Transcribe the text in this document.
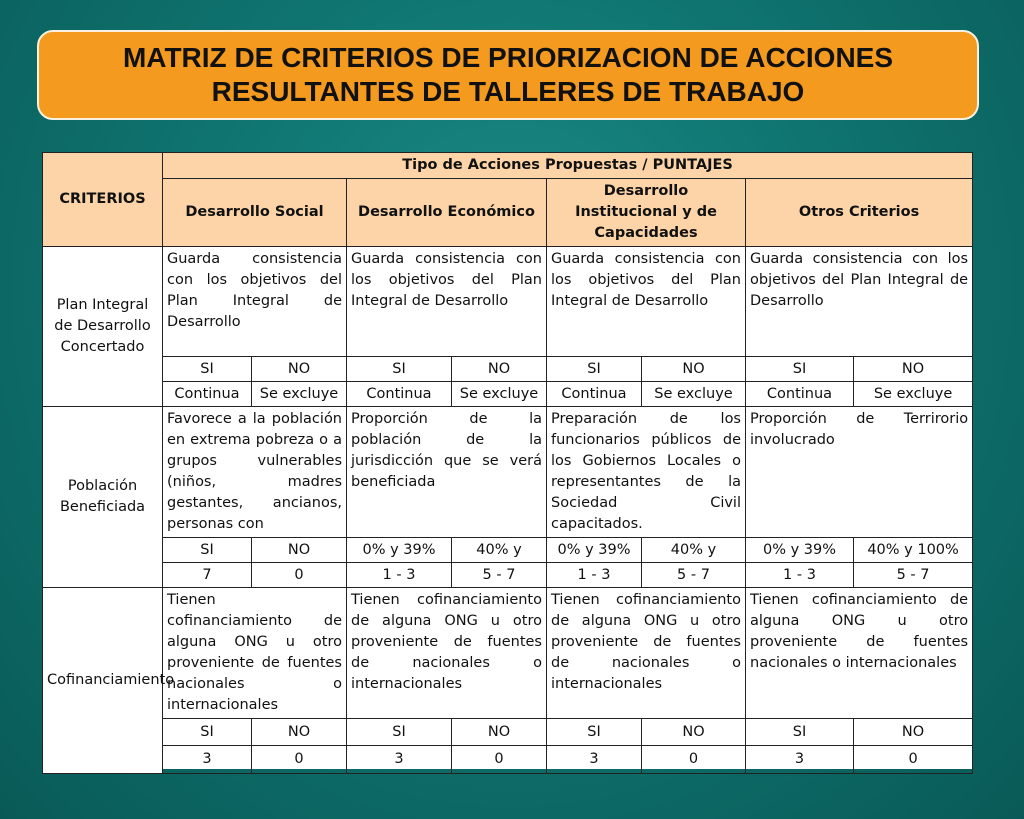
MATRIZ DE CRITERIOS DE PRIORIZACION DE ACCIONES
RESULTANTES DE TALLERES DE TRABAJO
CRITERIOS	Tipo de Acciones Propuestas / PUNTAJES							
	Desarrollo Social		Desarrollo Económico		Desarrollo Institucional y de Capacidades		Otros Criterios	
Plan Integral de Desarrollo Concertado	Guarda consistencia con los objetivos del Plan Integral de Desarrollo		Guarda consistencia con los objetivos del Plan Integral de Desarrollo		Guarda consistencia con los objetivos del Plan Integral de Desarrollo		Guarda consistencia con los objetivos del Plan Integral de Desarrollo	
	SI	NO	SI	NO	SI	NO	SI	NO
	Continua	Se excluye	Continua	Se excluye	Continua	Se excluye	Continua	Se excluye
Población Beneficiada	Favorece a la población en extrema pobreza o a grupos vulnerables (niños, madres gestantes, ancianos, personas con		Proporción de la población de la jurisdicción que se verá beneficiada		Preparación de los funcionarios públicos de los Gobiernos Locales o representantes de la Sociedad Civil capacitados.		Proporción de Terrirorio involucrado	
	SI	NO	0% y 39%	40% y	0% y 39%	40% y	0% y 39%	40% y 100%
	7	0	1 - 3	5 - 7	1 - 3	5 - 7	1 - 3	5 - 7
Cofinanciamiento	Tienen cofinanciamiento de alguna ONG u otro proveniente de fuentes nacionales o internacionales		Tienen cofinanciamiento de alguna ONG u otro proveniente de fuentes de nacionales o internacionales		Tienen cofinanciamiento de alguna ONG u otro proveniente de fuentes de nacionales o internacionales		Tienen cofinanciamiento de alguna ONG u otro proveniente de fuentes nacionales o internacionales	
	SI	NO	SI	NO	SI	NO	SI	NO
	3	0	3	0	3	0	3	0
